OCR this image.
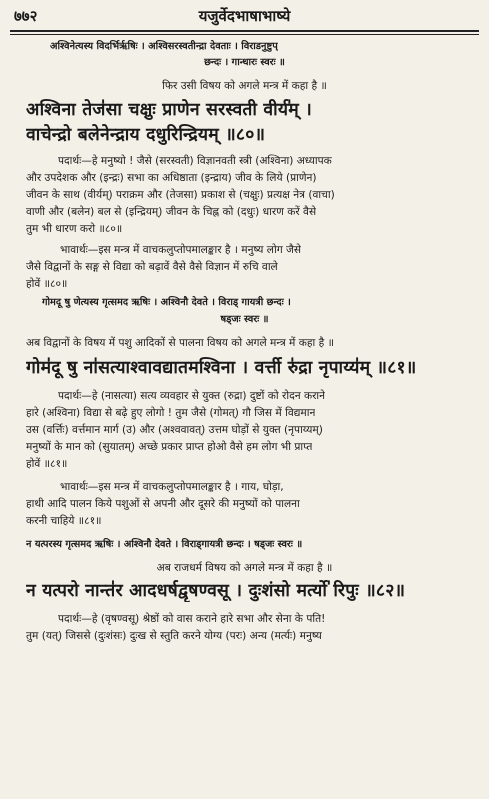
७७२	यजुर्वेदभाषाभाष्ये
अश्विनेत्यस्य विदर्भिर्ऋषिः । अश्विसरस्वतीन्द्रा देवताः । विराडनुष्टुप्
छन्दः । गान्धारः स्वरः ॥
फिर उसी विषय को अगले मन्त्र में कहा है ॥
अश्विना तेज॑सा चक्षुः प्राणेन सरस्वती वीर्य॑म् ।
वाचेन्द्रो बलेनेन्द्राय दधुरिन्द्रियम् ॥८०॥
पदार्थः—हे मनुष्यो ! जैसे (सरस्वती) विज्ञानवती स्त्री (अश्विना) अध्यापक
और उपदेशक और (इन्द्रः) सभा का अधिष्ठाता (इन्द्राय) जीव के लिये (प्राणेन)
जीवन के साथ (वीर्यम्) पराक्रम और (तेजसा) प्रकाश से (चक्षुः) प्रत्यक्ष नेत्र (वाचा)
वाणी और (बलेन) बल से (इन्द्रियम्) जीवन के चिह्न को (दधुः) धारण करें वैसे
तुम भी धारण करो ॥८०॥
भावार्थः—इस मन्त्र में वाचकलुप्तोपमालङ्कार है । मनुष्य लोग जैसे
जैसे विद्वानों के सङ्ग से विद्या को बढ़ावें वैसे वैसे विज्ञान में रुचि वाले
होवें ॥८०॥
गोमदू षु णेत्यस्य गृत्समद ऋषिः । अश्विनौ देवते । विराड् गायत्री छन्दः ।
षड्जः स्वरः ॥
अब विद्वानों के विषय में पशु आदिकों से पालना विषय को अगले मन्त्र में कहा है ॥
गोम॑दू षु ना॑सत्याश्वावद्यातमश्विना । वर्त्ती रु॑द्रा नृपाय्य॑म् ॥८१॥
पदार्थः—हे (नासत्या) सत्य व्यवहार से युक्त (रुद्रा) दुष्टों को रोदन कराने
हारे (अश्विना) विद्या से बढ़े हुए लोगो ! तुम जैसे (गोमत्) गौ जिस में विद्यमान
उस (वर्त्तिः) वर्त्तमान मार्ग (उ) और (अश्ववावत्) उत्तम घोड़ों से युक्त (नृपाय्यम्)
मनुष्यों के मान को (सुयातम्) अच्छे प्रकार प्राप्त होओ वैसे हम लोग भी प्राप्त
होवें ॥८१॥
भावार्थः—इस मन्त्र में वाचकलुप्तोपमालङ्कार है । गाय, घोड़ा,
हाथी आदि पालन किये पशुओं से अपनी और दूसरे की मनुष्यों को पालना
करनी चाहिये ॥८१॥
न यत्परस्य गृत्समद ऋषिः । अश्विनौ देवते । विराड्गायत्री छन्दः । षड्जः स्वरः ॥
अब राजधर्म विषय को अगले मन्त्र में कहा है ॥
न यत्परो नान्त॑र आदधर्षद्वृषण्वसू । दुःशंसो मर्त्यो॑ रिपुः ॥८२॥
पदार्थः—हे (वृषण्वसू) श्रेष्ठों को वास कराने हारे सभा और सेना के पति!
तुम (यत्) जिससे (दुःशंसः) दुःख से स्तुति करने योग्य (परः) अन्य (मर्त्यः) मनुष्य
